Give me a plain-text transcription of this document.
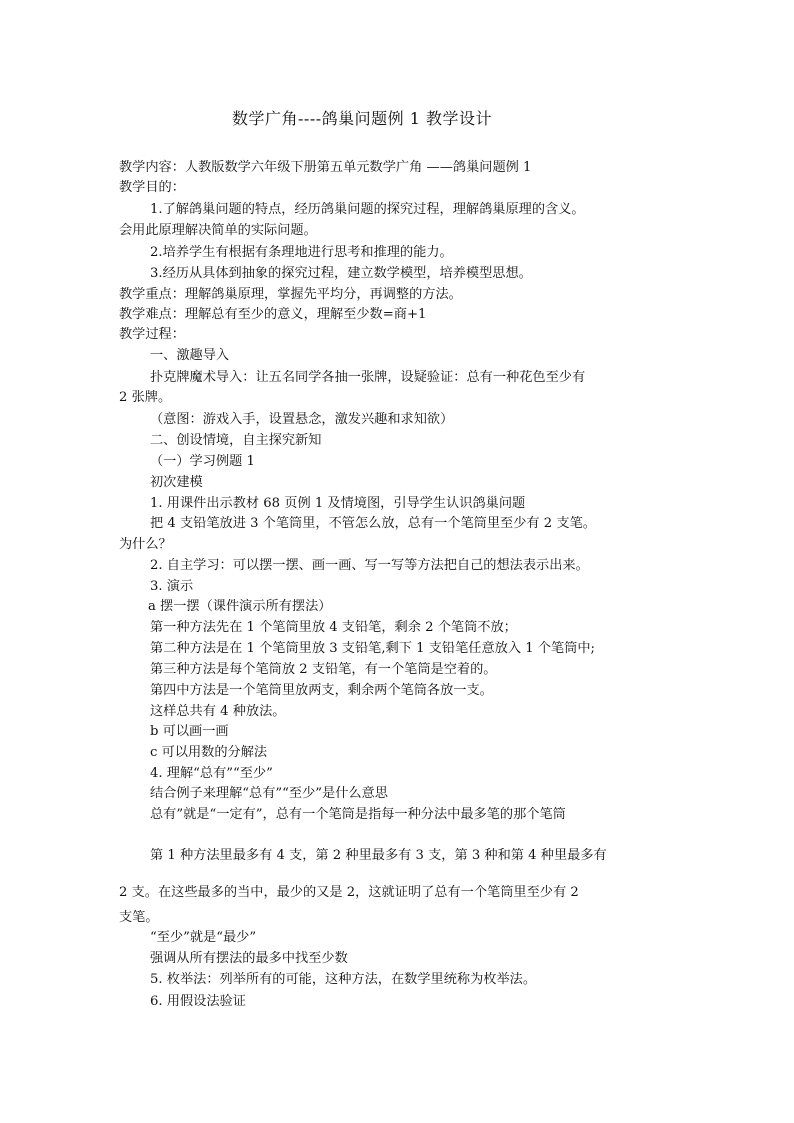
数学广角----鸽巢问题例 1 教学设计
教学内容：人教版数学六年级下册第五单元数学广角 ——鸽巢问题例 1
教学目的：
1.了解鸽巢问题的特点，经历鸽巢问题的探究过程，理解鸽巢原理的含义。
会用此原理解决简单的实际问题。
2.培养学生有根据有条理地进行思考和推理的能力。
3.经历从具体到抽象的探究过程，建立数学模型，培养模型思想。
教学重点：理解鸽巢原理，掌握先平均分，再调整的方法。
教学难点：理解总有至少的意义，理解至少数=商+1
教学过程：
一、激趣导入
扑克牌魔术导入：让五名同学各抽一张牌，设疑验证：总有一种花色至少有
2 张牌。
（意图：游戏入手，设置悬念，激发兴趣和求知欲）
二、创设情境，自主探究新知
（一）学习例题 1
初次建模
1. 用课件出示教材 68 页例 1 及情境图，引导学生认识鸽巢问题
把 4 支铅笔放进 3 个笔筒里，不管怎么放，总有一个笔筒里至少有 2 支笔。
为什么？
2. 自主学习：可以摆一摆、画一画、写一写等方法把自己的想法表示出来。
3. 演示
a 摆一摆（课件演示所有摆法）
第一种方法先在 1 个笔筒里放 4 支铅笔，剩余 2 个笔筒不放；
第二种方法是在 1 个笔筒里放 3 支铅笔,剩下 1 支铅笔任意放入 1 个笔筒中;
第三种方法是每个笔筒放 2 支铅笔，有一个笔筒是空着的。
第四中方法是一个笔筒里放两支，剩余两个笔筒各放一支。
这样总共有 4 种放法。
b 可以画一画
c 可以用数的分解法
4. 理解“总有”“至少”
结合例子来理解“总有”“至少”是什么意思
总有”就是“一定有”，总有一个笔筒是指每一种分法中最多笔的那个笔筒
第 1 种方法里最多有 4 支，第 2 种里最多有 3 支，第 3 种和第 4 种里最多有
2 支。在这些最多的当中，最少的又是 2，这就证明了总有一个笔筒里至少有 2
支笔。
“至少”就是“最少”
强调从所有摆法的最多中找至少数
5. 枚举法：列举所有的可能，这种方法，在数学里统称为枚举法。
6. 用假设法验证
